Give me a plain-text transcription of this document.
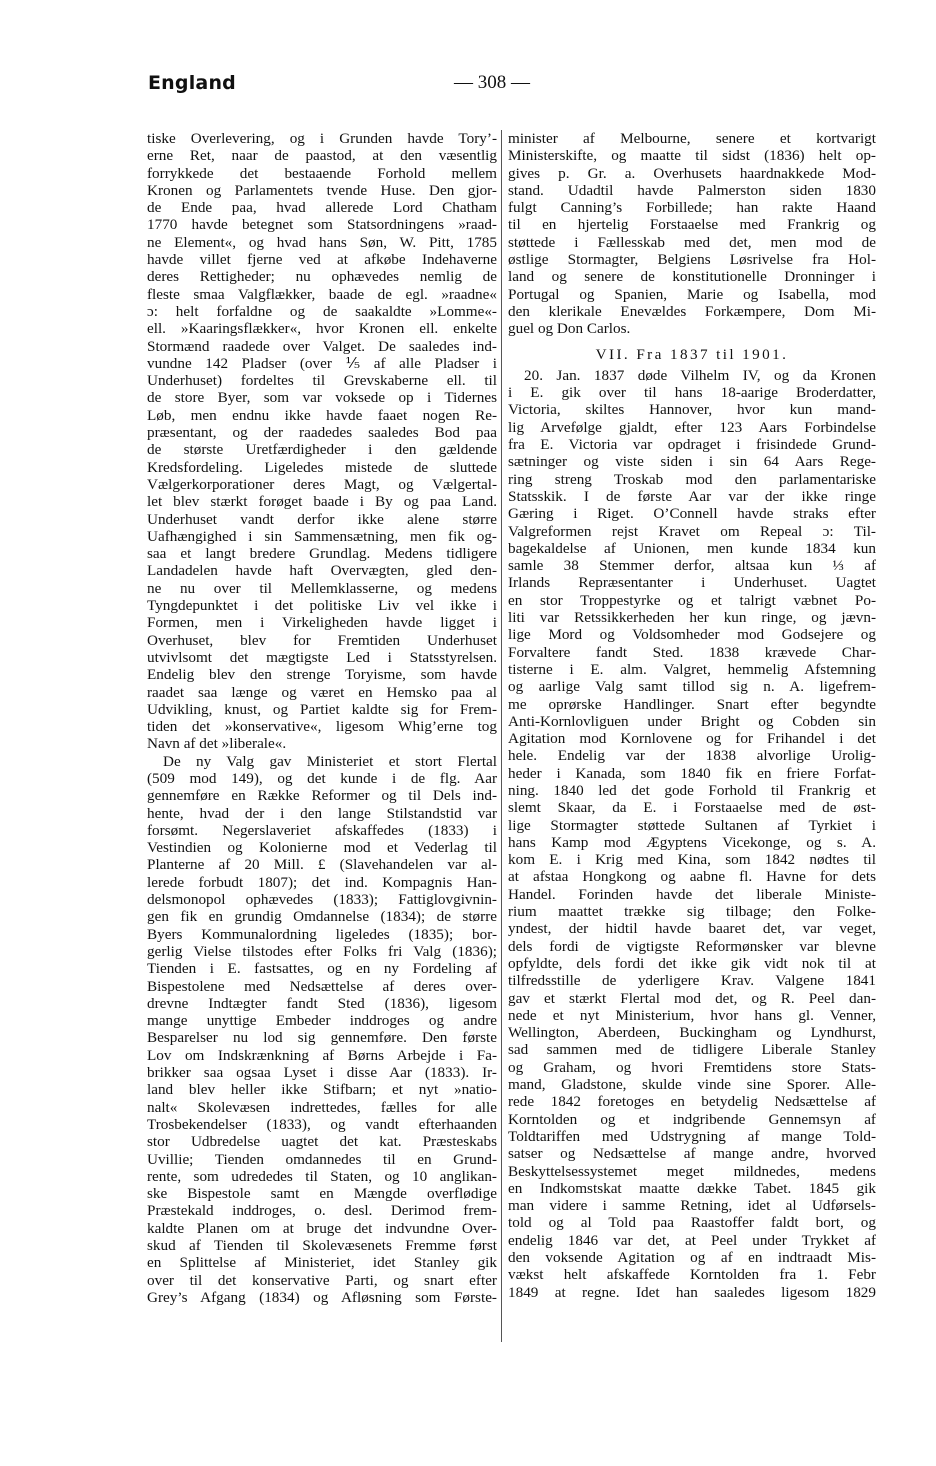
England	— 308 —
tiske Overlevering, og i Grunden havde Tory’-
erne Ret, naar de paastod, at den væsentlig
forrykkede det bestaaende Forhold mellem
Kronen og Parlamentets tvende Huse. Den gjor-
de Ende paa, hvad allerede Lord Chatham
1770 havde betegnet som Statsordningens »raad-
ne Element«, og hvad hans Søn, W. Pitt, 1785
havde villet fjerne ved at afkøbe Indehaverne
deres Rettigheder; nu ophævedes nemlig de
fleste smaa Valgflækker, baade de egl. »raadne«
ɔ: helt forfaldne og de saakaldte »Lomme«-
ell. »Kaaringsflækker«, hvor Kronen ell. enkelte
Stormænd raadede over Valget. De saaledes ind-
vundne 142 Pladser (over ⅕ af alle Pladser i
Underhuset) fordeltes til Grevskaberne ell. til
de store Byer, som var voksede op i Tidernes
Løb, men endnu ikke havde faaet nogen Re-
præsentant, og der raadedes saaledes Bod paa
de største Uretfærdigheder i den gældende
Kredsfordeling. Ligeledes mistede de sluttede
Vælgerkorporationer deres Magt, og Vælgertal-
let blev stærkt forøget baade i By og paa Land.
Underhuset vandt derfor ikke alene større
Uafhængighed i sin Sammensætning, men fik og-
saa et langt bredere Grundlag. Medens tidligere
Landadelen havde haft Overvægten, gled den-
ne nu over til Mellemklasserne, og medens
Tyngdepunktet i det politiske Liv vel ikke i
Formen, men i Virkeligheden havde ligget i
Overhuset, blev for Fremtiden Underhuset
utvivlsomt det mægtigste Led i Statsstyrelsen.
Endelig blev den strenge Toryisme, som havde
raadet saa længe og været en Hemsko paa al
Udvikling, knust, og Partiet kaldte sig for Frem-
tiden det »konservative«, ligesom Whig’erne tog
Navn af det »liberale«.
De ny Valg gav Ministeriet et stort Flertal
(509 mod 149), og det kunde i de flg. Aar
gennemføre en Række Reformer og til Dels ind-
hente, hvad der i den lange Stilstandstid var
forsømt. Negerslaveriet afskaffedes (1833) i
Vestindien og Kolonierne mod et Vederlag til
Planterne af 20 Mill. £ (Slavehandelen var al-
lerede forbudt 1807); det ind. Kompagnis Han-
delsmonopol ophævedes (1833); Fattiglovgivnin-
gen fik en grundig Omdannelse (1834); de større
Byers Kommunalordning ligeledes (1835); bor-
gerlig Vielse tilstodes efter Folks fri Valg (1836);
Tienden i E. fastsattes, og en ny Fordeling af
Bispestolene med Nedsættelse af deres over-
drevne Indtægter fandt Sted (1836), ligesom
mange unyttige Embeder inddroges og andre
Besparelser nu lod sig gennemføre. Den første
Lov om Indskrænkning af Børns Arbejde i Fa-
brikker saa ogsaa Lyset i disse Aar (1833). Ir-
land blev heller ikke Stifbarn; et nyt »natio-
nalt« Skolevæsen indrettedes, fælles for alle
Trosbekendelser (1833), og vandt efterhaanden
stor Udbredelse uagtet det kat. Præsteskabs
Uvillie; Tienden omdannedes til en Grund-
rente, som udrededes til Staten, og 10 anglikan-
ske Bispestole samt en Mængde overflødige
Præstekald inddroges, o. desl. Derimod frem-
kaldte Planen om at bruge det indvundne Over-
skud af Tienden til Skolevæsenets Fremme først
en Splittelse af Ministeriet, idet Stanley gik
over til det konservative Parti, og snart efter
Grey’s Afgang (1834) og Afløsning som Første-
minister af Melbourne, senere et kortvarigt
Ministerskifte, og maatte til sidst (1836) helt op-
gives p. Gr. a. Overhusets haardnakkede Mod-
stand. Udadtil havde Palmerston siden 1830
fulgt Canning’s Forbillede; han rakte Haand
til en hjertelig Forstaaelse med Frankrig og
støttede i Fællesskab med det, men mod de
østlige Stormagter, Belgiens Løsrivelse fra Hol-
land og senere de konstitutionelle Dronninger i
Portugal og Spanien, Marie og Isabella, mod
den klerikale Enevældes Forkæmpere, Dom Mi-
guel og Don Carlos.
VII. Fra 1837 til 1901.
20. Jan. 1837 døde Vilhelm IV, og da Kronen
i E. gik over til hans 18-aarige Broderdatter,
Victoria, skiltes Hannover, hvor kun mand-
lig Arvefølge gjaldt, efter 123 Aars Forbindelse
fra E. Victoria var opdraget i frisindede Grund-
sætninger og viste siden i sin 64 Aars Rege-
ring streng Troskab mod den parlamentariske
Statsskik. I de første Aar var der ikke ringe
Gæring i Riget. O’Connell havde straks efter
Valgreformen rejst Kravet om Repeal ɔ: Til-
bagekaldelse af Unionen, men kunde 1834 kun
samle 38 Stemmer derfor, altsaa kun ⅓ af
Irlands Repræsentanter i Underhuset. Uagtet
en stor Troppestyrke og et talrigt væbnet Po-
liti var Retssikkerheden her kun ringe, og jævn-
lige Mord og Voldsomheder mod Godsejere og
Forvaltere fandt Sted. 1838 krævede Char-
tisterne i E. alm. Valgret, hemmelig Afstemning
og aarlige Valg samt tillod sig n. A. ligefrem-
me oprørske Handlinger. Snart efter begyndte
Anti-Kornlovliguen under Bright og Cobden sin
Agitation mod Kornlovene og for Frihandel i det
hele. Endelig var der 1838 alvorlige Urolig-
heder i Kanada, som 1840 fik en friere Forfat-
ning. 1840 led det gode Forhold til Frankrig et
slemt Skaar, da E. i Forstaaelse med de øst-
lige Stormagter støttede Sultanen af Tyrkiet i
hans Kamp mod Ægyptens Vicekonge, og s. A.
kom E. i Krig med Kina, som 1842 nødtes til
at afstaa Hongkong og aabne fl. Havne for dets
Handel. Forinden havde det liberale Ministe-
rium maattet trække sig tilbage; den Folke-
yndest, der hidtil havde baaret det, var veget,
dels fordi de vigtigste Reformønsker var blevne
opfyldte, dels fordi det ikke gik vidt nok til at
tilfredsstille de yderligere Krav. Valgene 1841
gav et stærkt Flertal mod det, og R. Peel dan-
nede et nyt Ministerium, hvor hans gl. Venner,
Wellington, Aberdeen, Buckingham og Lyndhurst,
sad sammen med de tidligere Liberale Stanley
og Graham, og hvori Fremtidens store Stats-
mand, Gladstone, skulde vinde sine Sporer. Alle-
rede 1842 foretoges en betydelig Nedsættelse af
Korntolden og et indgribende Gennemsyn af
Toldtariffen med Udstrygning af mange Told-
satser og Nedsættelse af mange andre, hvorved
Beskyttelsessystemet meget mildnedes, medens
en Indkomstskat maatte dække Tabet. 1845 gik
man videre i samme Retning, idet al Udførsels-
told og al Told paa Raastoffer faldt bort, og
endelig 1846 var det, at Peel under Trykket af
den voksende Agitation og af en indtraadt Mis-
vækst helt afskaffede Korntolden fra 1. Febr
1849 at regne. Idet han saaledes ligesom 1829
